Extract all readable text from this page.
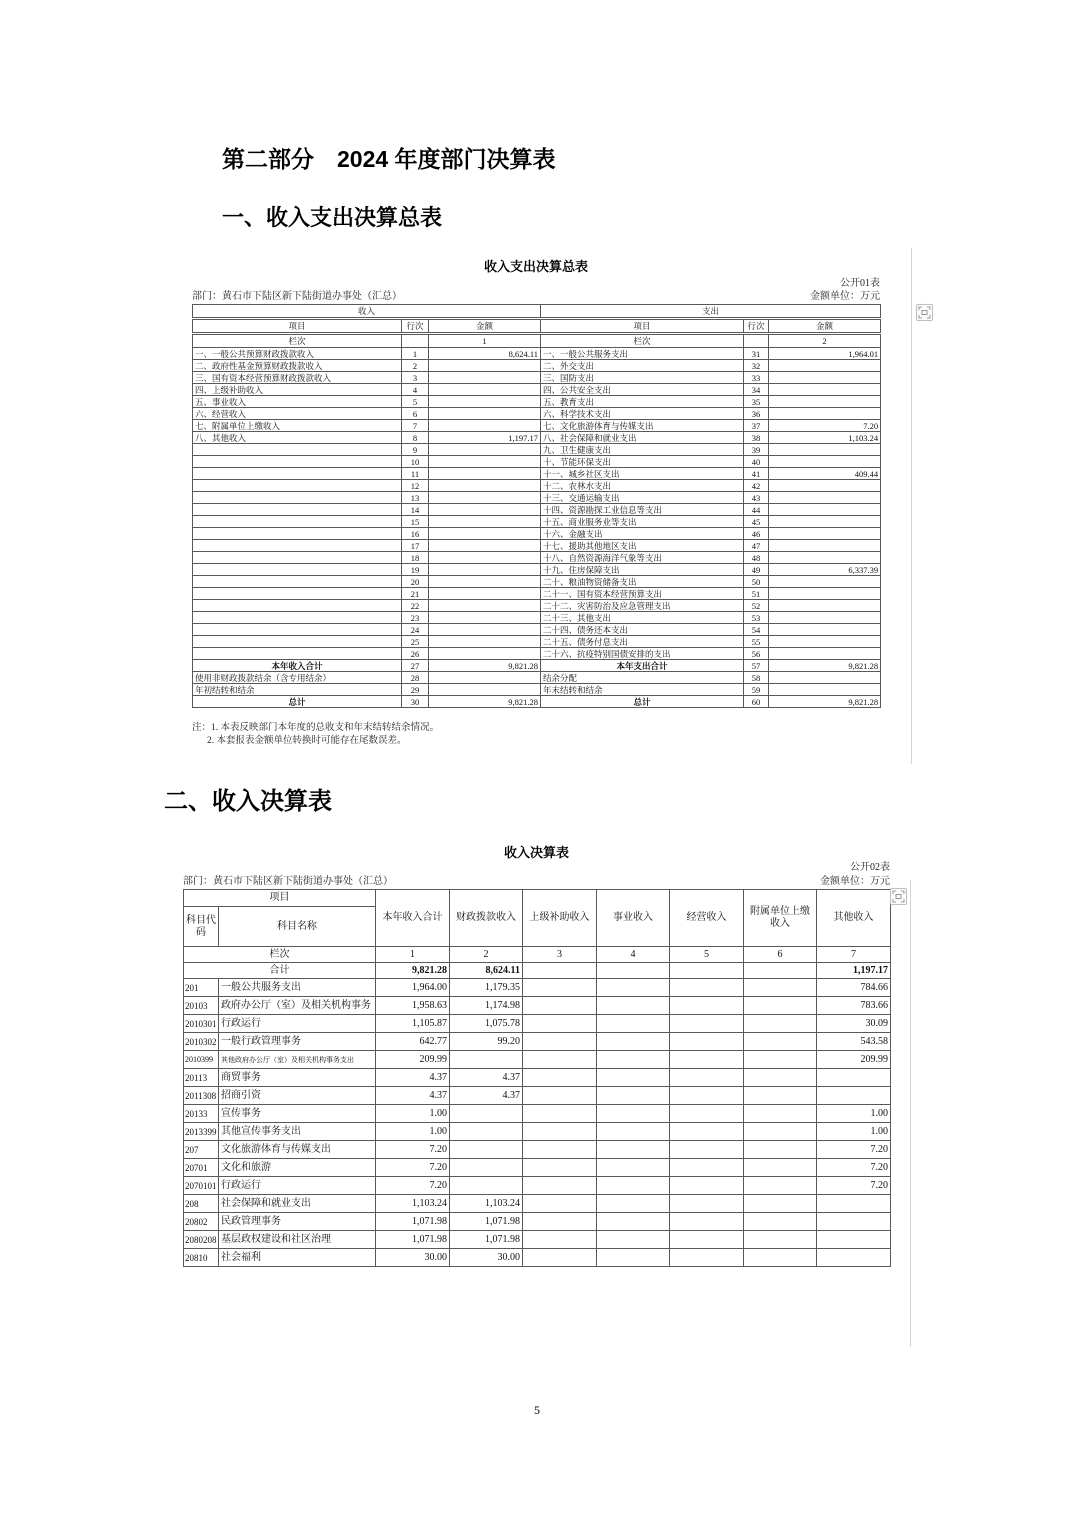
第二部分　2024 年度部门决算表
一、收入支出决算总表
收入支出决算总表
公开01表
部门：黄石市下陆区新下陆街道办事处（汇总）	金额单位：万元
收入			支出		
项目	行次	金额	项目	行次	金额
栏次		1	栏次		2
一、一般公共预算财政拨款收入	1	8,624.11	一、一般公共服务支出	31	1,964.01
二、政府性基金预算财政拨款收入	2		二、外交支出	32	
三、国有资本经营预算财政拨款收入	3		三、国防支出	33	
四、上级补助收入	4		四、公共安全支出	34	
五、事业收入	5		五、教育支出	35	
六、经营收入	6		六、科学技术支出	36	
七、附属单位上缴收入	7		七、文化旅游体育与传媒支出	37	7.20
八、其他收入	8	1,197.17	八、社会保障和就业支出	38	1,103.24
	9		九、卫生健康支出	39	
	10		十、节能环保支出	40	
	11		十一、城乡社区支出	41	409.44
	12		十二、农林水支出	42	
	13		十三、交通运输支出	43	
	14		十四、资源勘探工业信息等支出	44	
	15		十五、商业服务业等支出	45	
	16		十六、金融支出	46	
	17		十七、援助其他地区支出	47	
	18		十八、自然资源海洋气象等支出	48	
	19		十九、住房保障支出	49	6,337.39
	20		二十、粮油物资储备支出	50	
	21		二十一、国有资本经营预算支出	51	
	22		二十二、灾害防治及应急管理支出	52	
	23		二十三、其他支出	53	
	24		二十四、债务还本支出	54	
	25		二十五、债务付息支出	55	
	26		二十六、抗疫特别国债安排的支出	56	
本年收入合计	27	9,821.28	本年支出合计	57	9,821.28
使用非财政拨款结余（含专用结余）	28		结余分配	58	
年初结转和结余	29		年末结转和结余	59	
总计	30	9,821.28	总计	60	9,821.28
注：1. 本表反映部门本年度的总收支和年末结转结余情况。
2. 本套报表金额单位转换时可能存在尾数误差。
二、收入决算表
收入决算表
公开02表
部门：黄石市下陆区新下陆街道办事处（汇总）	金额单位：万元
项目		本年收入合计	财政拨款收入	上级补助收入	事业收入	经营收入	附属单位上缴收入	其他收入
科目代码	科目名称							
栏次		1	2	3	4	5	6	7
合计		9,821.28	8,624.11					1,197.17
201	一般公共服务支出	1,964.00	1,179.35					784.66
20103	政府办公厅（室）及相关机构事务	1,958.63	1,174.98					783.66
2010301	行政运行	1,105.87	1,075.78					30.09
2010302	一般行政管理事务	642.77	99.20					543.58
2010399	其他政府办公厅（室）及相关机构事务支出	209.99						209.99
20113	商贸事务	4.37	4.37					
2011308	招商引资	4.37	4.37					
20133	宣传事务	1.00						1.00
2013399	其他宣传事务支出	1.00						1.00
207	文化旅游体育与传媒支出	7.20						7.20
20701	文化和旅游	7.20						7.20
2070101	行政运行	7.20						7.20
208	社会保障和就业支出	1,103.24	1,103.24					
20802	民政管理事务	1,071.98	1,071.98					
2080208	基层政权建设和社区治理	1,071.98	1,071.98					
20810	社会福利	30.00	30.00					
5
